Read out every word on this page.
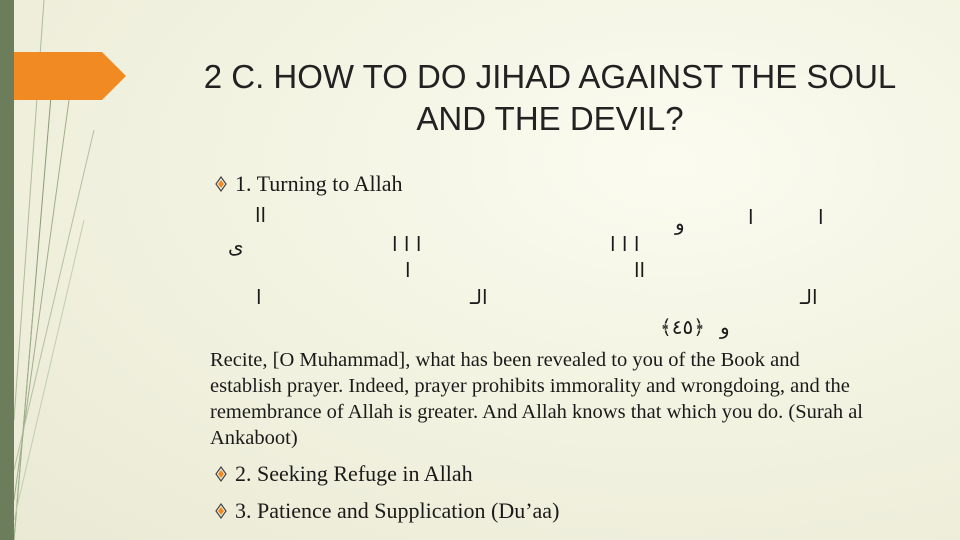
2 C. HOW TO DO JIHAD AGAINST THE SOUL AND THE DEVIL?
1. Turning to Allah
اا	و	ا	ا
ى	ا ا ا	ا ا ا
ا	اا
ا	الـ	الـ
و
﴾٤٥﴿
Recite, [O Muhammad], what has been revealed to you of the Book and establish prayer. Indeed, prayer prohibits immorality and wrongdoing, and the remembrance of Allah is greater. And Allah knows that which you do. (Surah al Ankaboot)
2. Seeking Refuge in Allah
3. Patience and Supplication (Du’aa)
